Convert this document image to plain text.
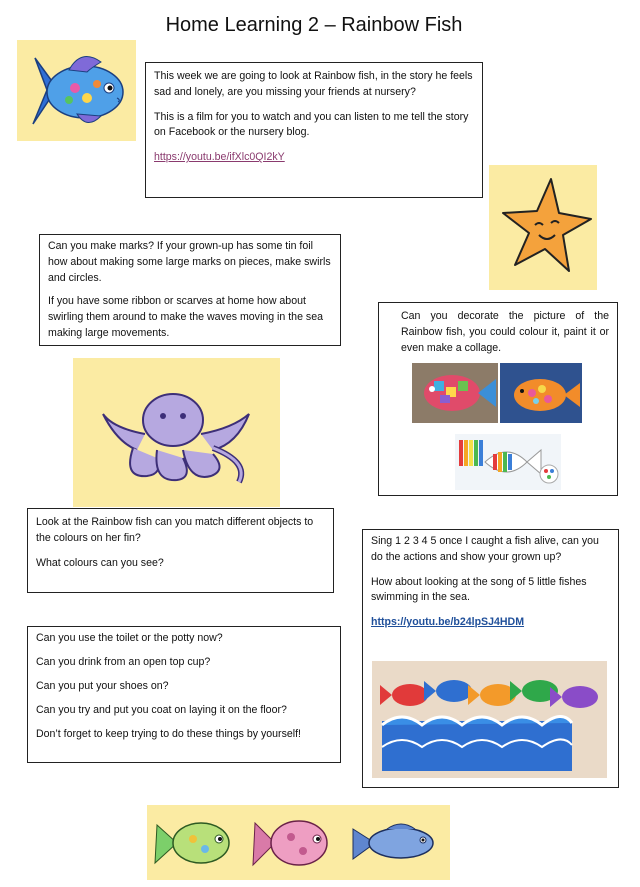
Home Learning 2 – Rainbow Fish

This week we are going to look at Rainbow fish, in the story he feels sad and lonely, are you missing your friends at nursery?

This is a film for you to watch and you can listen to me tell the story on Facebook or the nursery blog.

https://youtu.be/ifXlc0QI2kY

Can you make marks? If your grown-up has some tin foil how about making some large marks on pieces, make swirls and circles.

If you have some ribbon or scarves at home how about swirling them around to make the waves moving in the sea making large movements.

Can you decorate the picture of the Rainbow fish, you could colour it, paint it or even make a collage.

Look at the Rainbow fish can you match different objects to the colours on her fin?

What colours can you see?

Sing 1 2 3 4 5 once I caught a fish alive, can you do the actions and show your grown up?

How about looking at the song of 5 little fishes swimming in the sea.

https://youtu.be/b24lpSJ4HDM

Can you use the toilet or the potty now?

Can you drink from an open top cup?

Can you put your shoes on?

Can you try and put you coat on laying it on the floor?

Don’t forget to keep trying to do these things by yourself!
